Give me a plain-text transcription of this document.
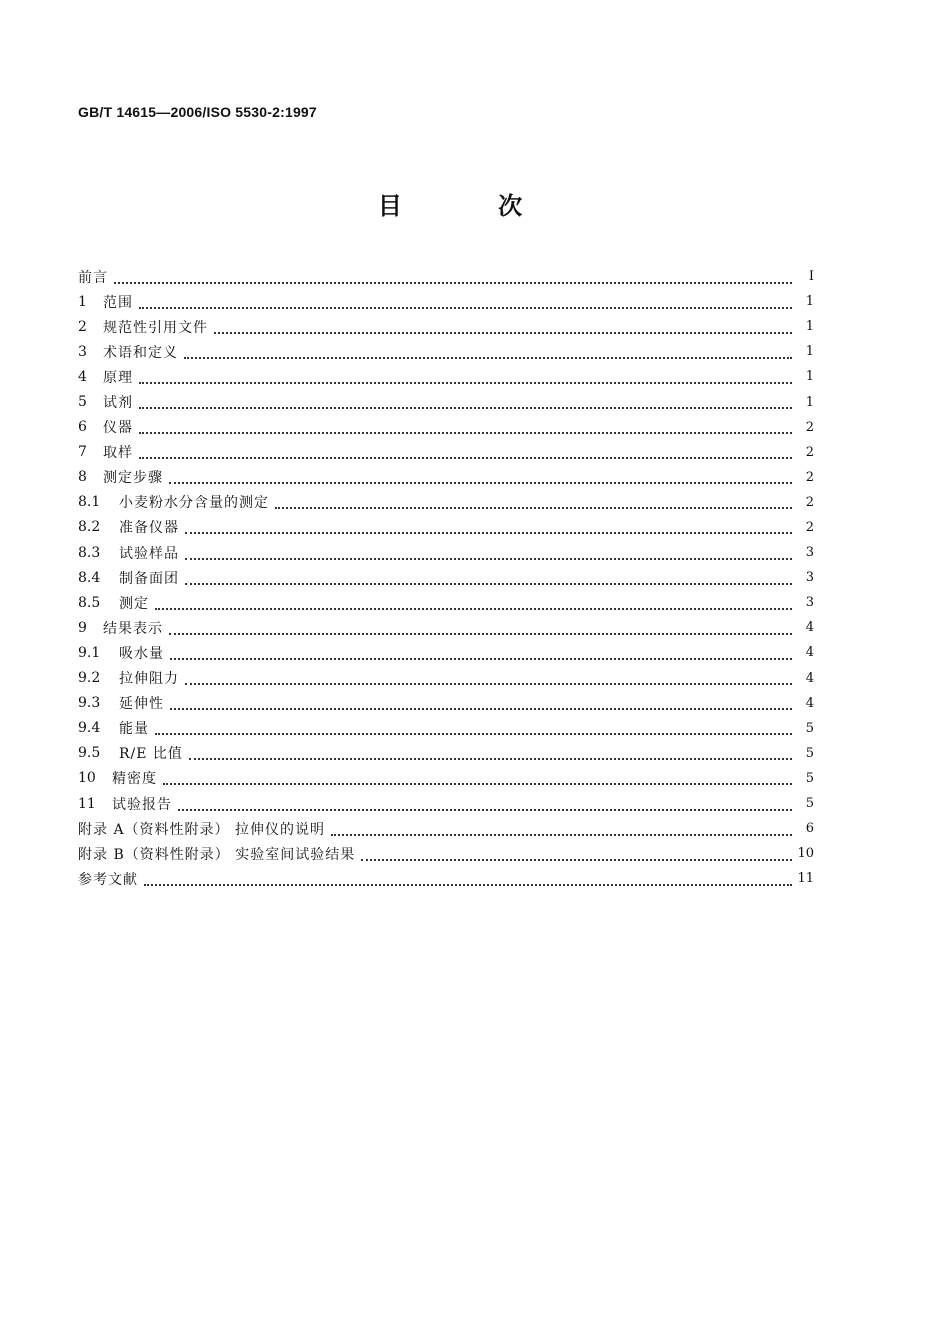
GB/T 14615—2006/ISO 5530-2:1997
目 次
前言	I
1	范围	1
2	规范性引用文件	1
3	术语和定义	1
4	原理	1
5	试剂	1
6	仪器	2
7	取样	2
8	测定步骤	2
8.1	小麦粉水分含量的测定	2
8.2	准备仪器	2
8.3	试验样品	3
8.4	制备面团	3
8.5	测定	3
9	结果表示	4
9.1	吸水量	4
9.2	拉伸阻力	4
9.3	延伸性	4
9.4	能量	5
9.5	R/E 比值	5
10	精密度	5
11	试验报告	5
附录 A（资料性附录） 拉伸仪的说明	6
附录 B（资料性附录） 实验室间试验结果	10
参考文献	11
